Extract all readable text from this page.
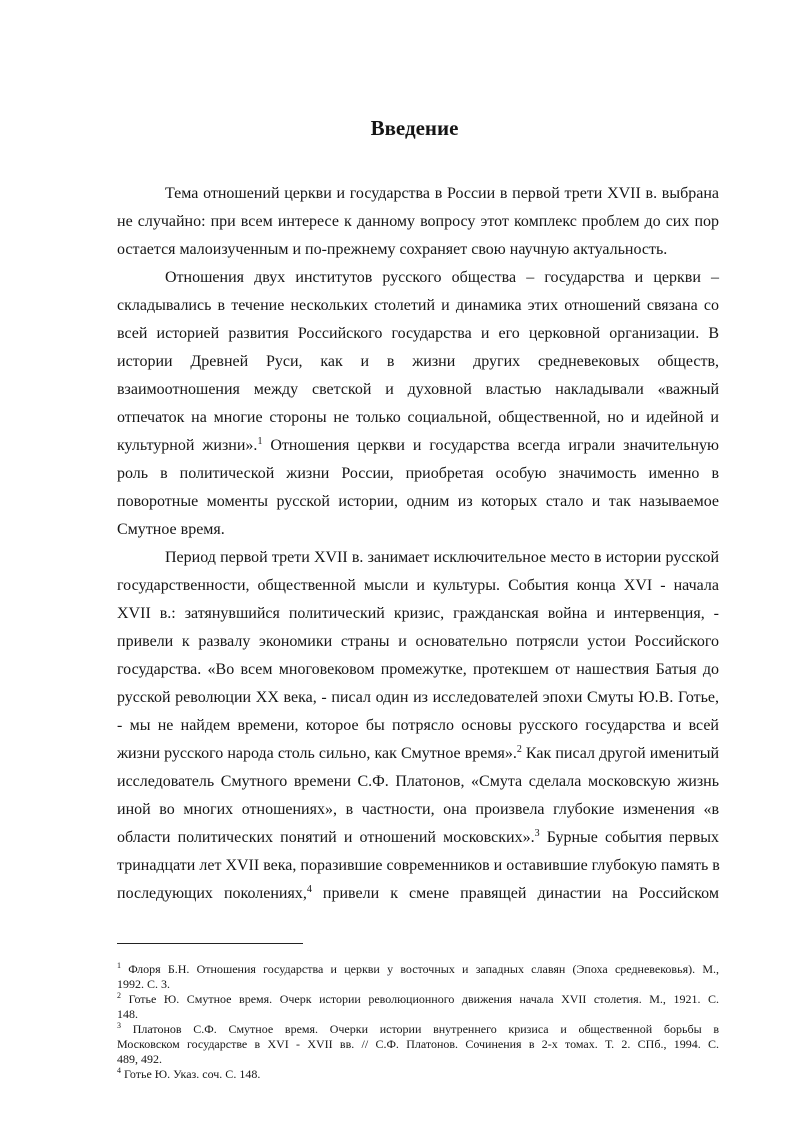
Введение

Тема отношений церкви и государства в России в первой трети XVII в. выбрана
не случайно: при всем интересе к данному вопросу этот комплекс проблем до сих пор
остается малоизученным и по-прежнему сохраняет свою научную актуальность.

Отношения двух институтов русского общества – государства и церкви –
складывались в течение нескольких столетий и динамика этих отношений связана со
всей историей развития Российского государства и его церковной организации. В
истории Древней Руси, как и в жизни других средневековых обществ,
взаимоотношения между светской и духовной властью накладывали «важный
отпечаток на многие стороны не только социальной, общественной, но и идейной и
культурной жизни».$^1$ Отношения церкви и государства всегда играли значительную
роль в политической жизни России, приобретая особую значимость именно в
поворотные моменты русской истории, одним из которых стало и так называемое
Смутное время.

Период первой трети XVII в. занимает исключительное место в истории русской
государственности, общественной мысли и культуры. События конца XVI - начала
XVII в.: затянувшийся политический кризис, гражданская война и интервенция, -
привели к развалу экономики страны и основательно потрясли устои Российского
государства. «Во всем многовековом промежутке, протекшем от нашествия Батыя до
русской революции XX века, - писал один из исследователей эпохи Смуты Ю.В. Готье,
- мы не найдем времени, которое бы потрясло основы русского государства и всей
жизни русского народа столь сильно, как Смутное время».$^2$ Как писал другой именитый
исследователь Смутного времени С.Ф. Платонов, «Смута сделала московскую жизнь
иной во многих отношениях», в частности, она произвела глубокие изменения «в
области политических понятий и отношений московских».$^3$ Бурные события первых
тринадцати лет XVII века, поразившие современников и оставившие глубокую память в
последующих поколениях,$^4$ привели к смене правящей династии на Российском

$^1$ Флоря Б.Н. Отношения государства и церкви у восточных и западных славян (Эпоха средневековья). М.,
1992. С. 3.

$^2$ Готье Ю. Смутное время. Очерк истории революционного движения начала XVII столетия. М., 1921. С.
148.

$^3$ Платонов С.Ф. Смутное время. Очерки истории внутреннего кризиса и общественной борьбы в
Московском государстве в XVI - XVII вв. // С.Ф. Платонов. Сочинения в 2-х томах. Т. 2. СПб., 1994. С.
489, 492.

$^4$ Готье Ю. Указ. соч. С. 148.
